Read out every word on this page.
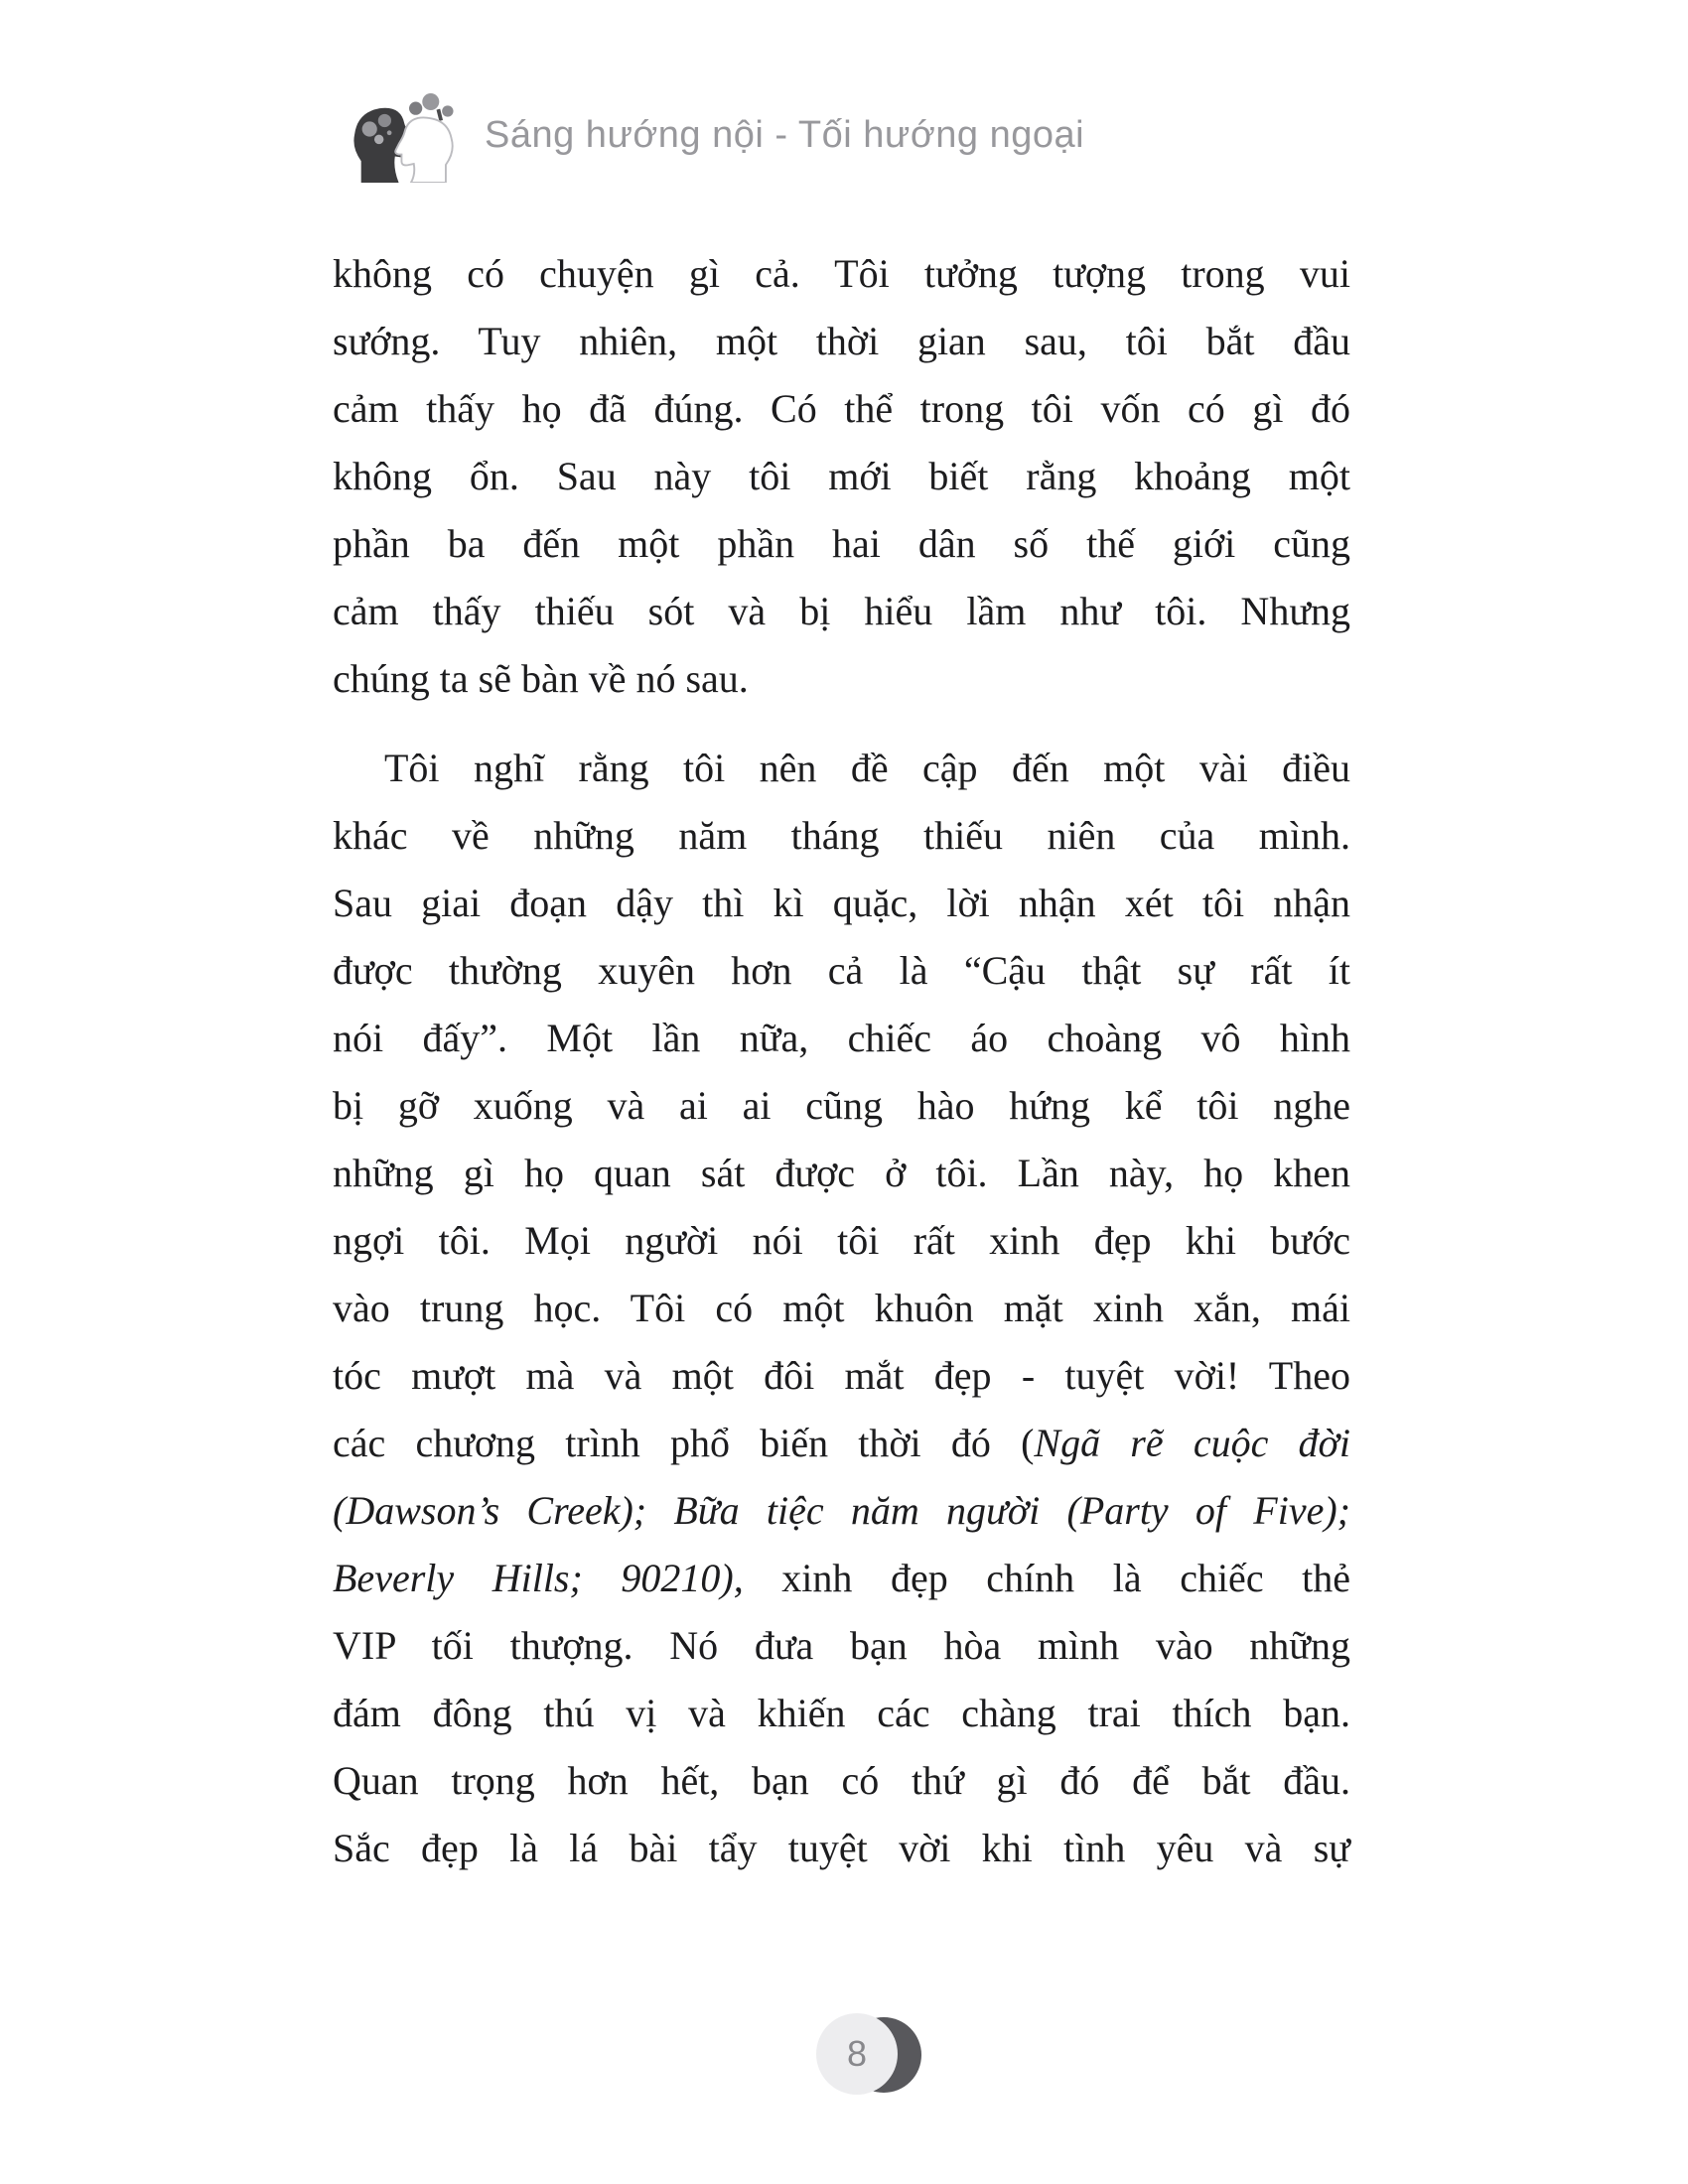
Sáng hướng nội - Tối hướng ngoại
không có chuyện gì cả. Tôi tưởng tượng trong vui
sướng. Tuy nhiên, một thời gian sau, tôi bắt đầu
cảm thấy họ đã đúng. Có thể trong tôi vốn có gì đó
không ổn. Sau này tôi mới biết rằng khoảng một
phần ba đến một phần hai dân số thế giới cũng
cảm thấy thiếu sót và bị hiểu lầm như tôi. Nhưng
chúng ta sẽ bàn về nó sau.
Tôi nghĩ rằng tôi nên đề cập đến một vài điều
khác về những năm tháng thiếu niên của mình.
Sau giai đoạn dậy thì kì quặc, lời nhận xét tôi nhận
được thường xuyên hơn cả là “Cậu thật sự rất ít
nói đấy”. Một lần nữa, chiếc áo choàng vô hình
bị gỡ xuống và ai ai cũng hào hứng kể tôi nghe
những gì họ quan sát được ở tôi. Lần này, họ khen
ngợi tôi. Mọi người nói tôi rất xinh đẹp khi bước
vào trung học. Tôi có một khuôn mặt xinh xắn, mái
tóc mượt mà và một đôi mắt đẹp - tuyệt vời! Theo
các chương trình phổ biến thời đó (Ngã rẽ cuộc đời
(Dawson’s Creek); Bữa tiệc năm người (Party of Five);
Beverly Hills; 90210), xinh đẹp chính là chiếc thẻ
VIP tối thượng. Nó đưa bạn hòa mình vào những
đám đông thú vị và khiến các chàng trai thích bạn.
Quan trọng hơn hết, bạn có thứ gì đó để bắt đầu.
Sắc đẹp là lá bài tẩy tuyệt vời khi tình yêu và sự
8
